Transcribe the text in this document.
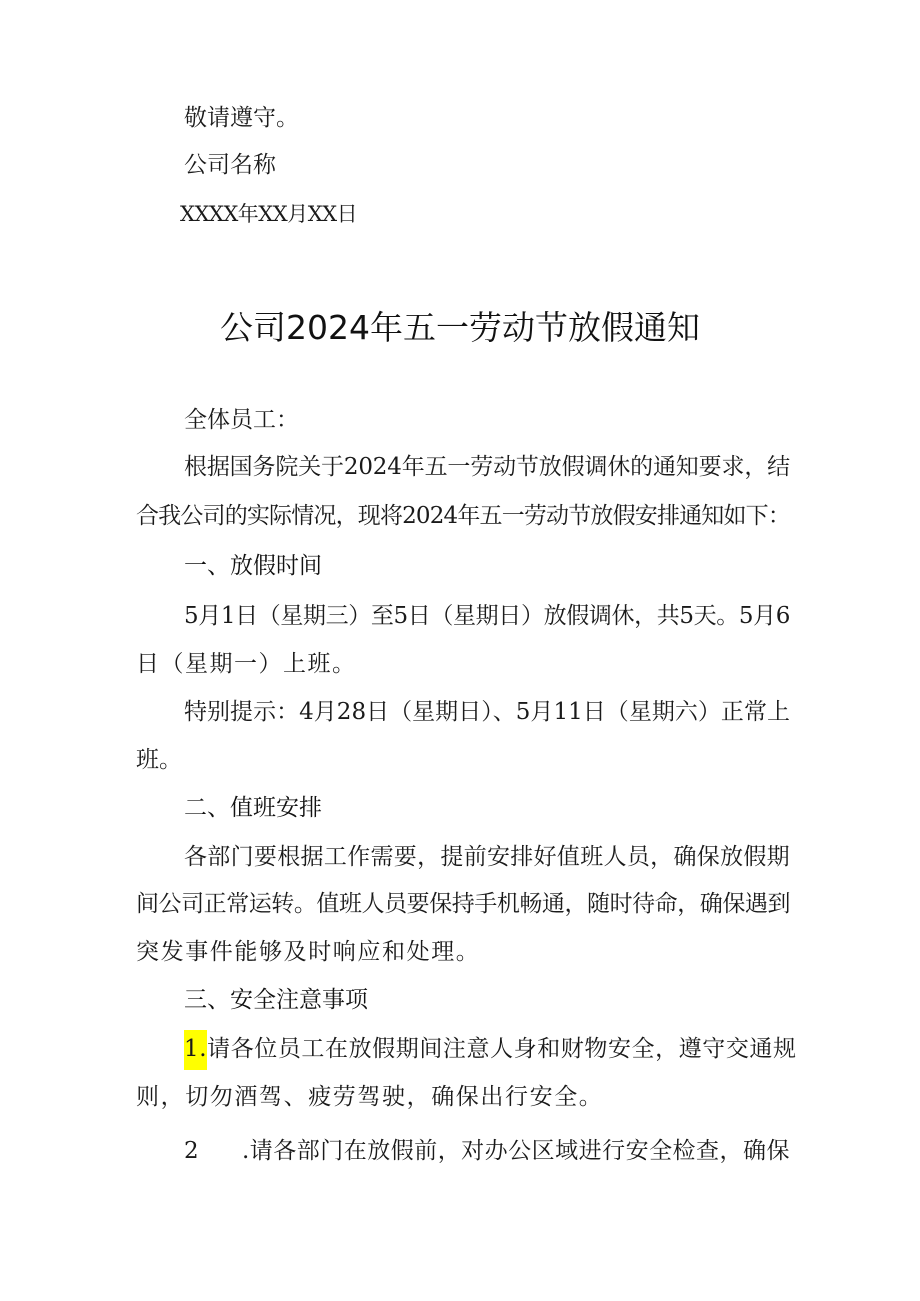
敬请遵守。
公司名称
XXXX年XX月XX日
公司2024年五一劳动节放假通知
全体员工：
根据国务院关于2024年五一劳动节放假调休的通知要求，结
合我公司的实际情况，现将2024年五一劳动节放假安排通知如下：
一、放假时间
5月1日（星期三）至5日（星期日）放假调休，共5天。5月6
日（星期一）上班。
特别提示：4月28日（星期日）、5月11日（星期六）正常上
班。
二、值班安排
各部门要根据工作需要，提前安排好值班人员，确保放假期
间公司正常运转。值班人员要保持手机畅通，随时待命，确保遇到
突发事件能够及时响应和处理。
三、安全注意事项
1.请各位员工在放假期间注意人身和财物安全，遵守交通规
则，切勿酒驾、疲劳驾驶，确保出行安全。
2 .请各部门在放假前，对办公区域进行安全检查，确保
